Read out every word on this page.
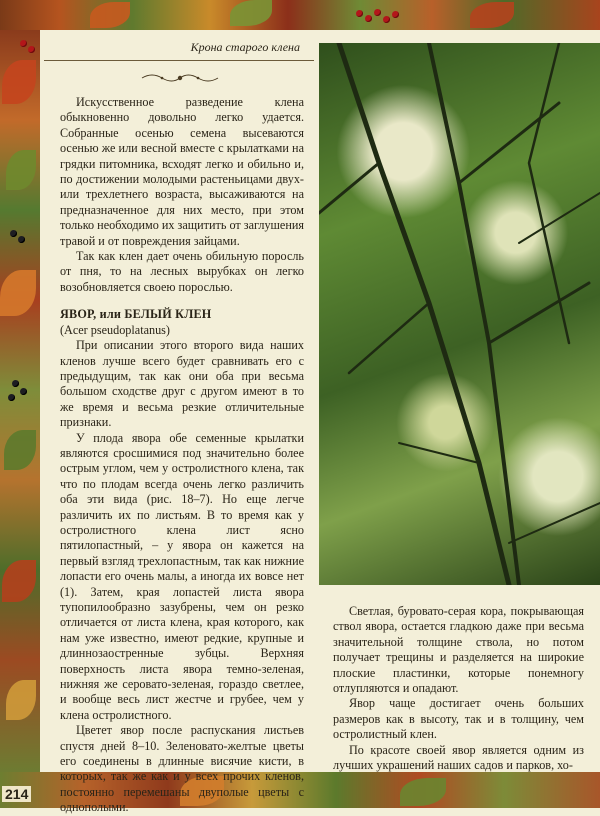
Крона старого клена

Искусственное разведение клена обыкновенно довольно легко удается. Собранные осенью семена высеваются осенью же или весной вместе с крылатками на грядки питомника, всходят легко и обильно и, по достижении молодыми растеньицами двух- или трехлетнего возраста, высаживаются на предназначенное для них место, при этом только необходимо их защитить от заглушения травой и от повреждения зайцами.

Так как клен дает очень обильную поросль от пня, то на лесных вырубках он легко возобновляется своею порослью.

ЯВОР, или БЕЛЫЙ КЛЕН

(Acer pseudoplatanus)

При описании этого второго вида наших кленов лучше всего будет сравнивать его с предыдущим, так как они оба при весьма большом сходстве друг с другом имеют в то же время и весьма резкие отличительные признаки.

У плода явора обе семенные крылатки являются сросшимися под значительно более острым углом, чем у остролистного клена, так что по плодам всегда очень легко различить оба эти вида (рис. 18–7). Но еще легче различить их по листьям. В то время как у остролистного клена лист ясно пятилопастный, – у явора он кажется на первый взгляд трехлопастным, так как нижние лопасти его очень малы, а иногда их вовсе нет (1). Затем, края лопастей листа явора тупопилообразно зазубрены, чем он резко отличается от листа клена, края которого, как нам уже известно, имеют редкие, крупные и длиннозаостренные зубцы. Верхняя поверхность листа явора темно-зеленая, нижняя же серовато-зеленая, гораздо светлее, и вообще весь лист жестче и грубее, чем у клена остролистного.

Цветет явор после распускания листьев спустя дней 8–10. Зеленовато-желтые цветы его соединены в длинные висячие кисти, в которых, так же как и у всех прочих кленов, постоянно перемешаны двуполые цветы с однополыми.

Светлая, буровато-серая кора, покрывающая ствол явора, остается гладкою даже при весьма значительной толщине ствола, но потом получает трещины и разделяется на широкие плоские пластинки, которые понемногу отлупляются и опадают.

Явор чаще достигает очень больших размеров как в высоту, так и в толщину, чем остролистный клен.

По красоте своей явор является одним из лучших украшений наших садов и парков, хо-

214
